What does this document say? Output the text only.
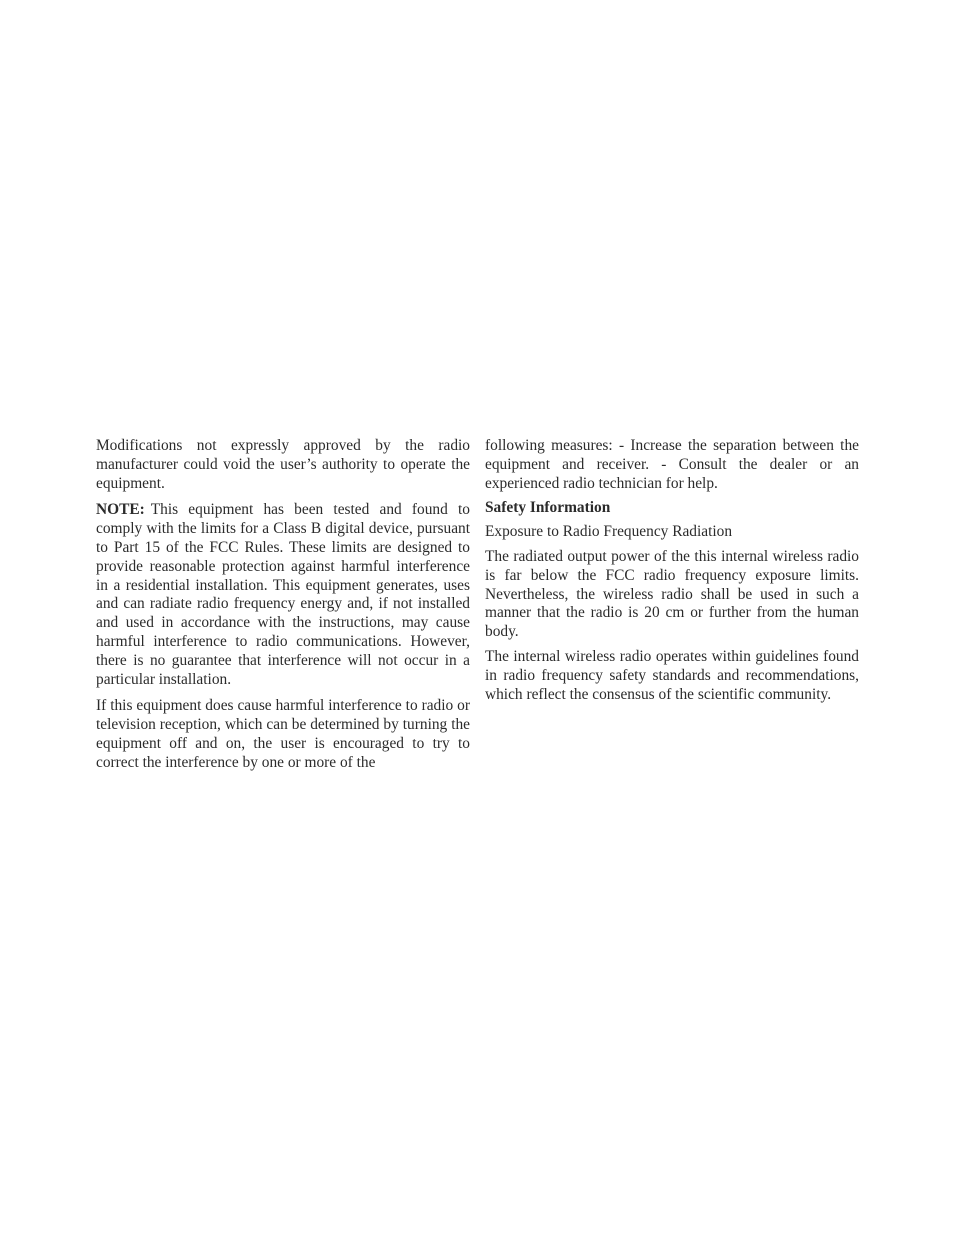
Modifications not expressly approved by the radio manufacturer could void the user’s authority to operate the equipment.

NOTE: This equipment has been tested and found to comply with the limits for a Class B digital device, pursuant to Part 15 of the FCC Rules. These limits are designed to provide reasonable protection against harmful interference in a residential installation. This equipment generates, uses and can radiate radio frequency energy and, if not installed and used in accordance with the instructions, may cause harmful interference to radio communications. However, there is no guarantee that interference will not occur in a particular installation.

If this equipment does cause harmful interference to radio or television reception, which can be determined by turning the equipment off and on, the user is encouraged to try to correct the interference by one or more of the

following measures: - Increase the separation between the equipment and receiver. - Consult the dealer or an experienced radio technician for help.

Safety Information

Exposure to Radio Frequency Radiation

The radiated output power of the this internal wireless radio is far below the FCC radio frequency exposure limits. Nevertheless, the wireless radio shall be used in such a manner that the radio is 20 cm or further from the human body.

The internal wireless radio operates within guidelines found in radio frequency safety standards and recommendations, which reflect the consensus of the scientific community.
